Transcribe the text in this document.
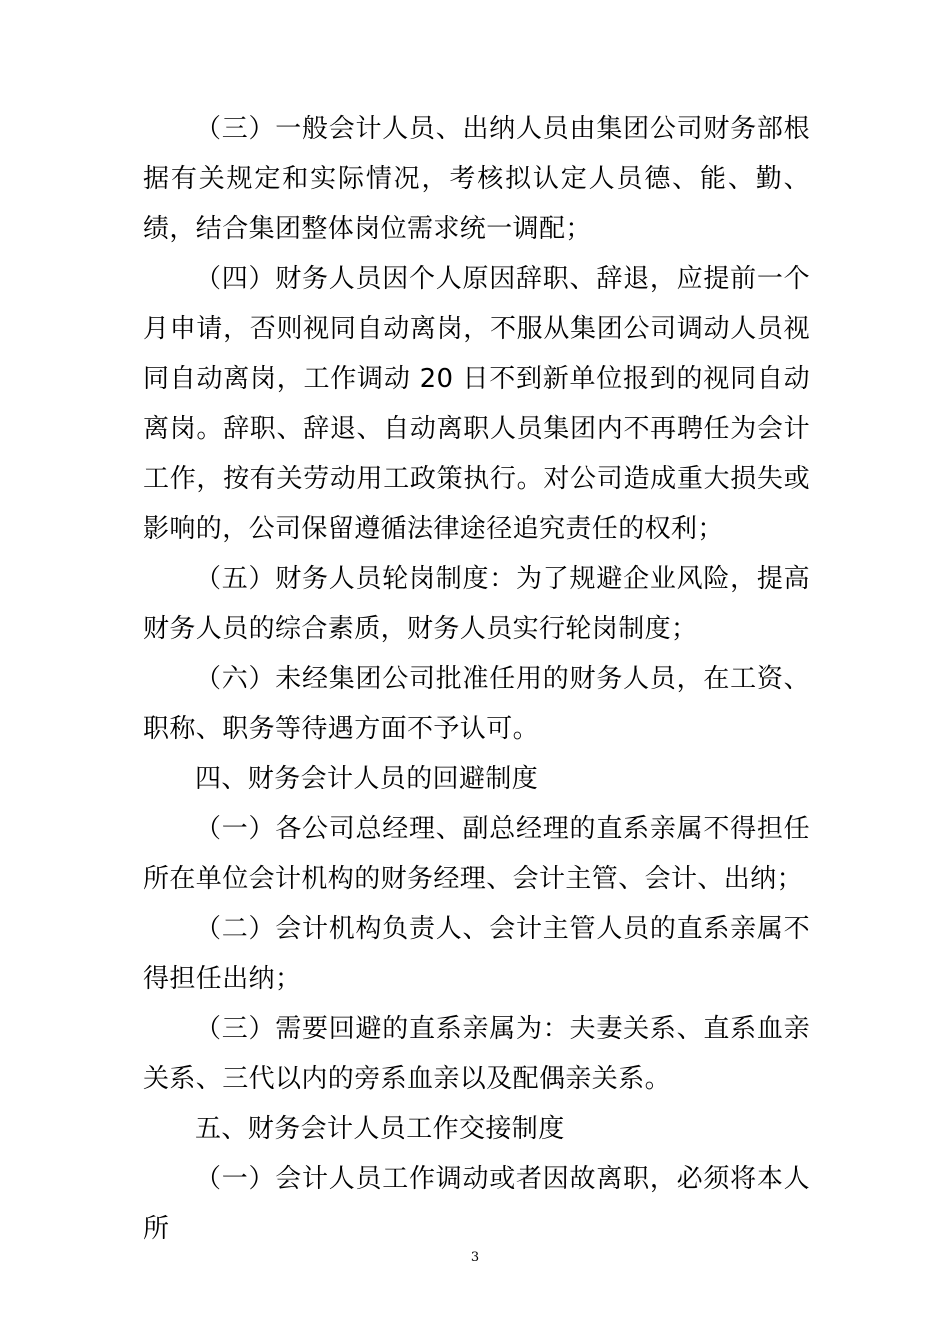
（三）一般会计人员、出纳人员由集团公司财务部根据有关规定和实际情况，考核拟认定人员德、能、勤、绩，结合集团整体岗位需求统一调配；

（四）财务人员因个人原因辞职、辞退，应提前一个月申请，否则视同自动离岗，不服从集团公司调动人员视同自动离岗，工作调动 20 日不到新单位报到的视同自动离岗。辞职、辞退、自动离职人员集团内不再聘任为会计工作，按有关劳动用工政策执行。对公司造成重大损失或影响的，公司保留遵循法律途径追究责任的权利；

（五）财务人员轮岗制度：为了规避企业风险，提高财务人员的综合素质，财务人员实行轮岗制度；

（六）未经集团公司批准任用的财务人员，在工资、职称、职务等待遇方面不予认可。

四、财务会计人员的回避制度

（一）各公司总经理、副总经理的直系亲属不得担任所在单位会计机构的财务经理、会计主管、会计、出纳；

（二）会计机构负责人、会计主管人员的直系亲属不得担任出纳；

（三）需要回避的直系亲属为：夫妻关系、直系血亲关系、三代以内的旁系血亲以及配偶亲关系。

五、财务会计人员工作交接制度

（一）会计人员工作调动或者因故离职，必须将本人所

3
